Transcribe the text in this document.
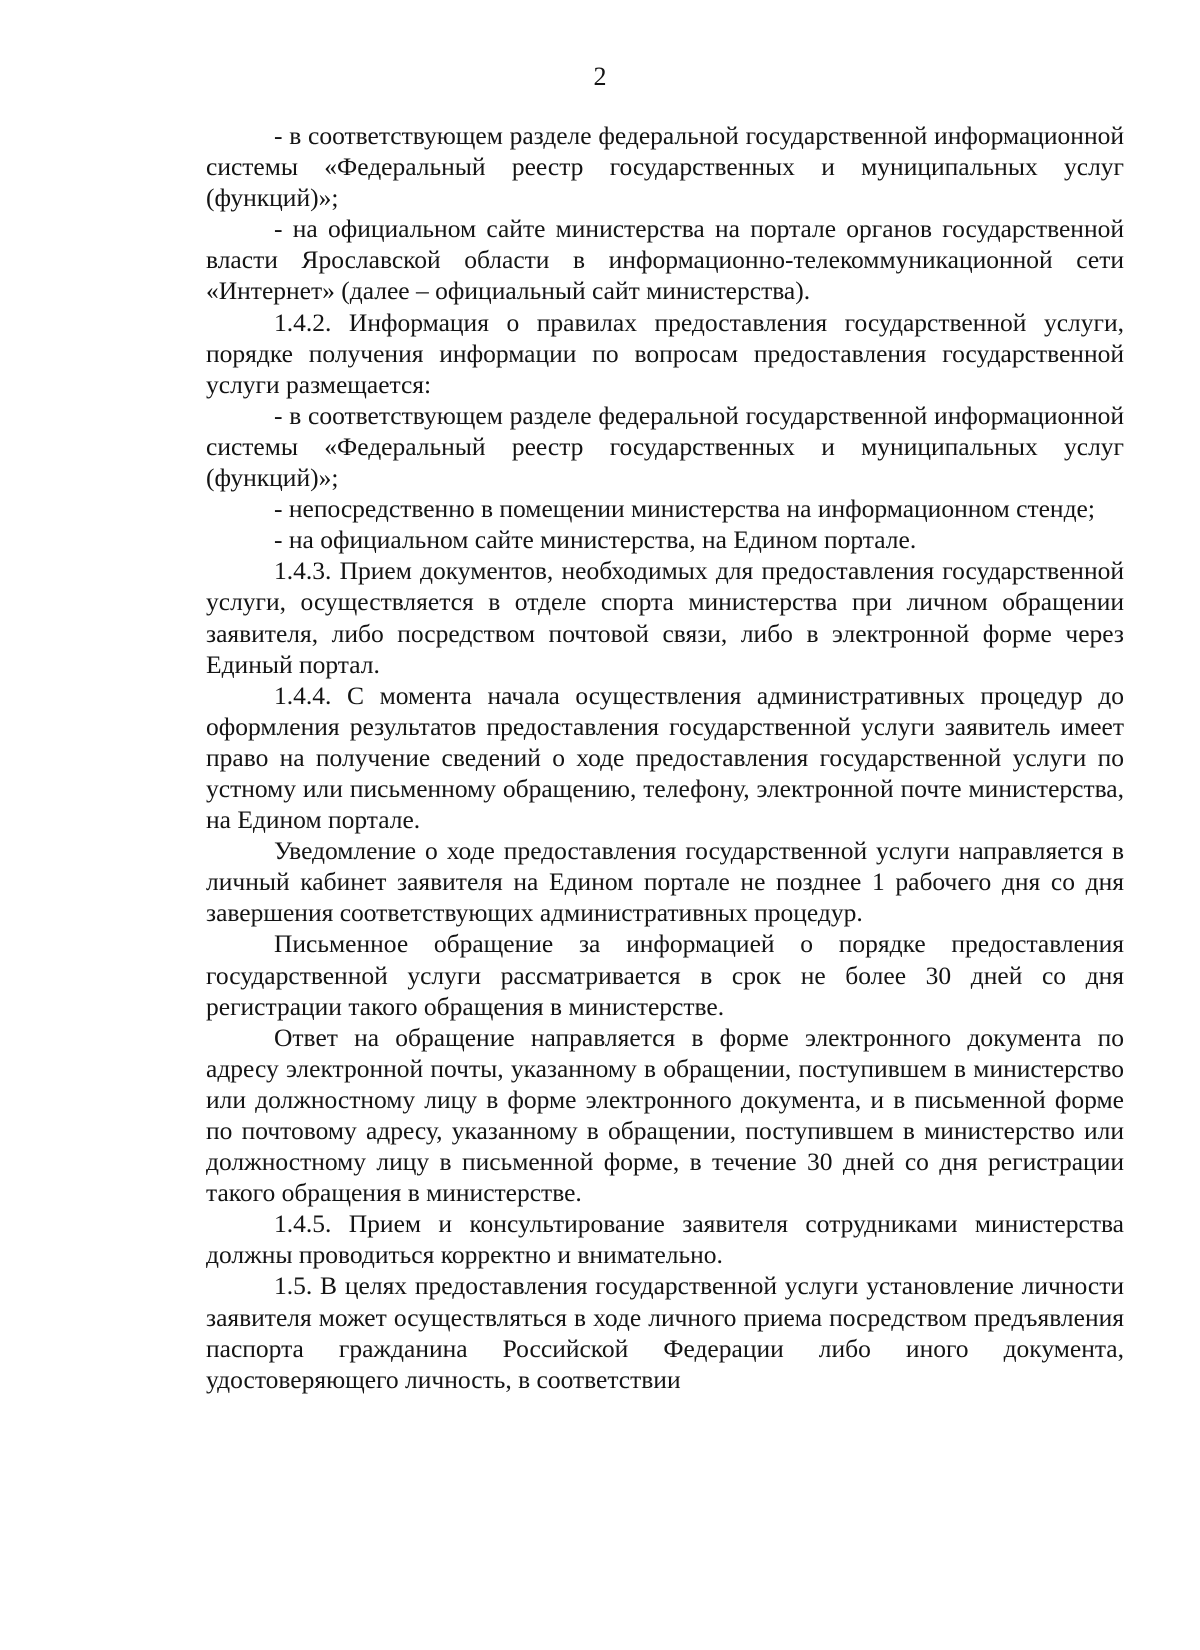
2

- в соответствующем разделе федеральной государственной информационной системы «Федеральный реестр государственных и муниципальных услуг (функций)»;

- на официальном сайте министерства на портале органов государственной власти Ярославской области в информационно-телекоммуникационной сети «Интернет» (далее – официальный сайт министерства).

1.4.2. Информация о правилах предоставления государственной услуги, порядке получения информации по вопросам предоставления государственной услуги размещается:

- в соответствующем разделе федеральной государственной информационной системы «Федеральный реестр государственных и муниципальных услуг (функций)»;

- непосредственно в помещении министерства на информационном стенде;

- на официальном сайте министерства, на Едином портале.

1.4.3. Прием документов, необходимых для предоставления государственной услуги, осуществляется в отделе спорта министерства при личном обращении заявителя, либо посредством почтовой связи, либо в электронной форме через Единый портал.

1.4.4. С момента начала осуществления административных процедур до оформления результатов предоставления государственной услуги заявитель имеет право на получение сведений о ходе предоставления государственной услуги по устному или письменному обращению, телефону, электронной почте министерства, на Едином портале.

Уведомление о ходе предоставления государственной услуги направляется в личный кабинет заявителя на Едином портале не позднее 1 рабочего дня со дня завершения соответствующих административных процедур.

Письменное обращение за информацией о порядке предоставления государственной услуги рассматривается в срок не более 30 дней со дня регистрации такого обращения в министерстве.

Ответ на обращение направляется в форме электронного документа по адресу электронной почты, указанному в обращении, поступившем в министерство или должностному лицу в форме электронного документа, и в письменной форме по почтовому адресу, указанному в обращении, поступившем в министерство или должностному лицу в письменной форме, в течение 30 дней со дня регистрации такого обращения в министерстве.

1.4.5. Прием и консультирование заявителя сотрудниками министерства должны проводиться корректно и внимательно.

1.5. В целях предоставления государственной услуги установление личности заявителя может осуществляться в ходе личного приема посредством предъявления паспорта гражданина Российской Федерации либо иного документа, удостоверяющего личность, в соответствии
